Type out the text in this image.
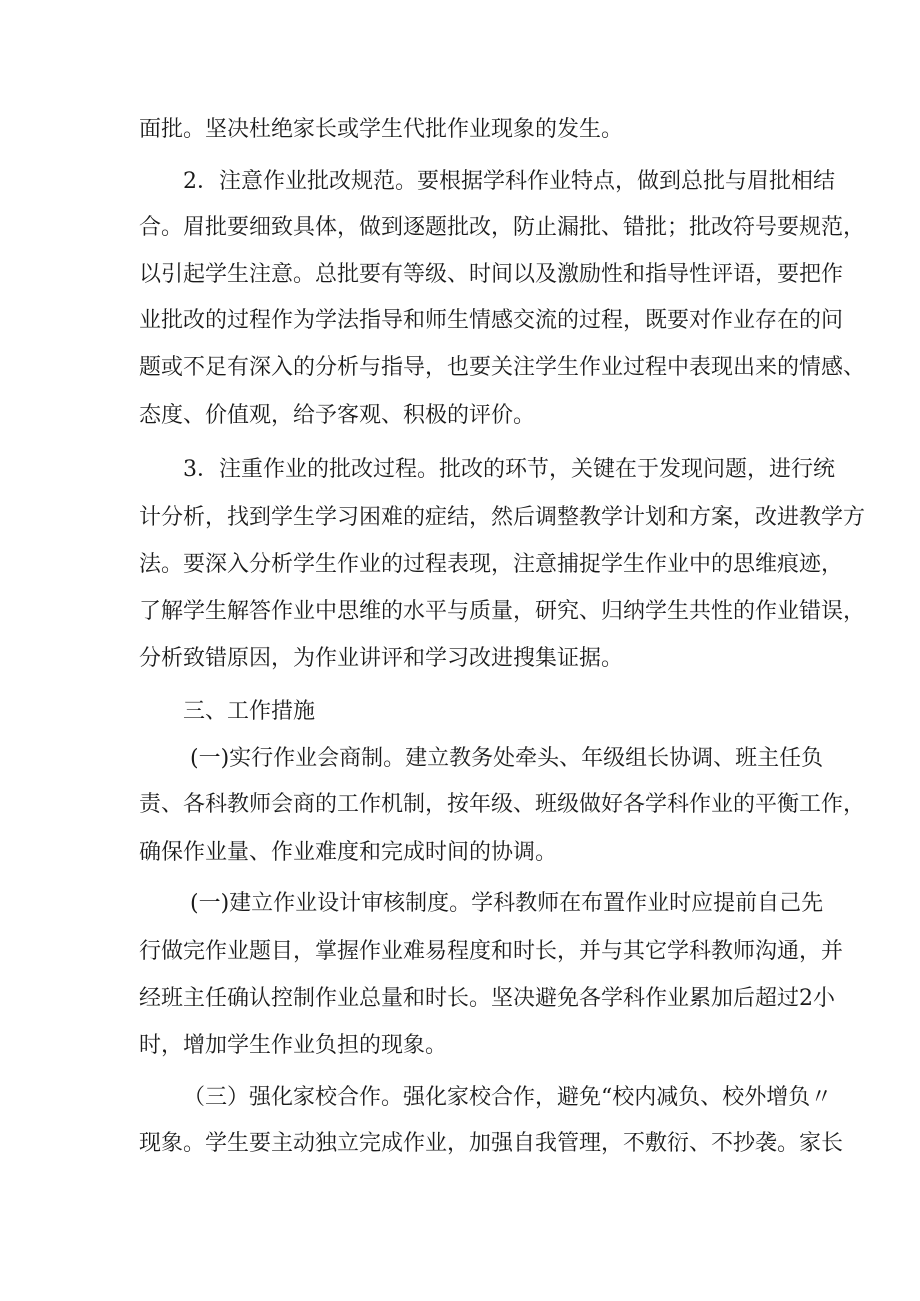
面批。坚决杜绝家长或学生代批作业现象的发生。
2．注意作业批改规范。要根据学科作业特点，做到总批与眉批相结
合。眉批要细致具体，做到逐题批改，防止漏批、错批；批改符号要规范，
以引起学生注意。总批要有等级、时间以及激励性和指导性评语，要把作
业批改的过程作为学法指导和师生情感交流的过程，既要对作业存在的问
题或不足有深入的分析与指导，也要关注学生作业过程中表现出来的情感、
态度、价值观，给予客观、积极的评价。
3．注重作业的批改过程。批改的环节，关键在于发现问题，进行统
计分析，找到学生学习困难的症结，然后调整教学计划和方案，改进教学方
法。要深入分析学生作业的过程表现，注意捕捉学生作业中的思维痕迹，
了解学生解答作业中思维的水平与质量，研究、归纳学生共性的作业错误，
分析致错原因，为作业讲评和学习改进搜集证据。
三、工作措施
(一)实行作业会商制。建立教务处牵头、年级组长协调、班主任负
责、各科教师会商的工作机制，按年级、班级做好各学科作业的平衡工作，
确保作业量、作业难度和完成时间的协调。
(一)建立作业设计审核制度。学科教师在布置作业时应提前自己先
行做完作业题目，掌握作业难易程度和时长，并与其它学科教师沟通，并
经班主任确认控制作业总量和时长。坚决避免各学科作业累加后超过2小
时，增加学生作业负担的现象。
（三）强化家校合作。强化家校合作，避免“校内减负、校外增负〃
现象。学生要主动独立完成作业，加强自我管理，不敷衍、不抄袭。家长
